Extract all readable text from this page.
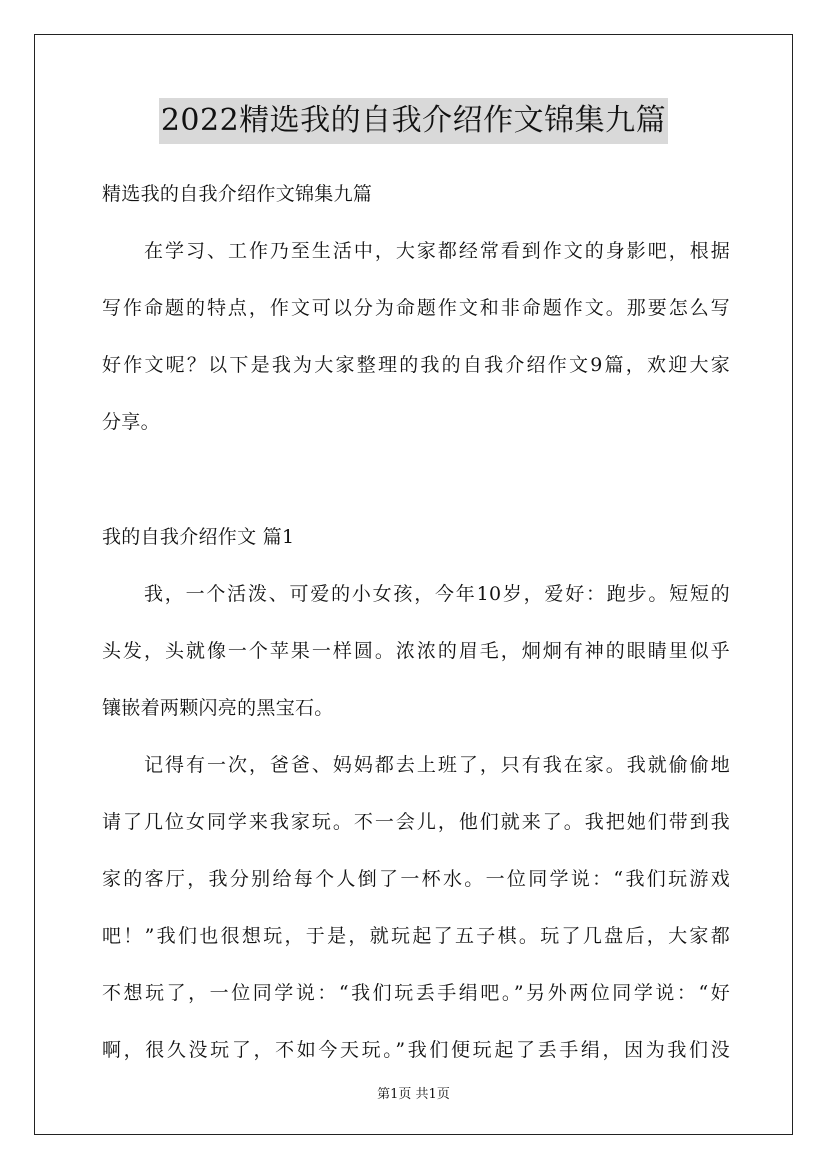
2022精选我的自我介绍作文锦集九篇
精选我的自我介绍作文锦集九篇
在学习、工作乃至生活中，大家都经常看到作文的身影吧，根据
写作命题的特点，作文可以分为命题作文和非命题作文。那要怎么写
好作文呢？以下是我为大家整理的我的自我介绍作文9篇，欢迎大家
分享。
我的自我介绍作文 篇1
我，一个活泼、可爱的小女孩，今年10岁，爱好：跑步。短短的
头发，头就像一个苹果一样圆。浓浓的眉毛，炯炯有神的眼睛里似乎
镶嵌着两颗闪亮的黑宝石。
记得有一次，爸爸、妈妈都去上班了，只有我在家。我就偷偷地
请了几位女同学来我家玩。不一会儿，他们就来了。我把她们带到我
家的客厅，我分别给每个人倒了一杯水。一位同学说：“我们玩游戏
吧！”我们也很想玩，于是，就玩起了五子棋。玩了几盘后，大家都
不想玩了，一位同学说：“我们玩丢手绢吧。”另外两位同学说：“好
啊，很久没玩了，不如今天玩。”我们便玩起了丢手绢，因为我们没
第1页 共1页
